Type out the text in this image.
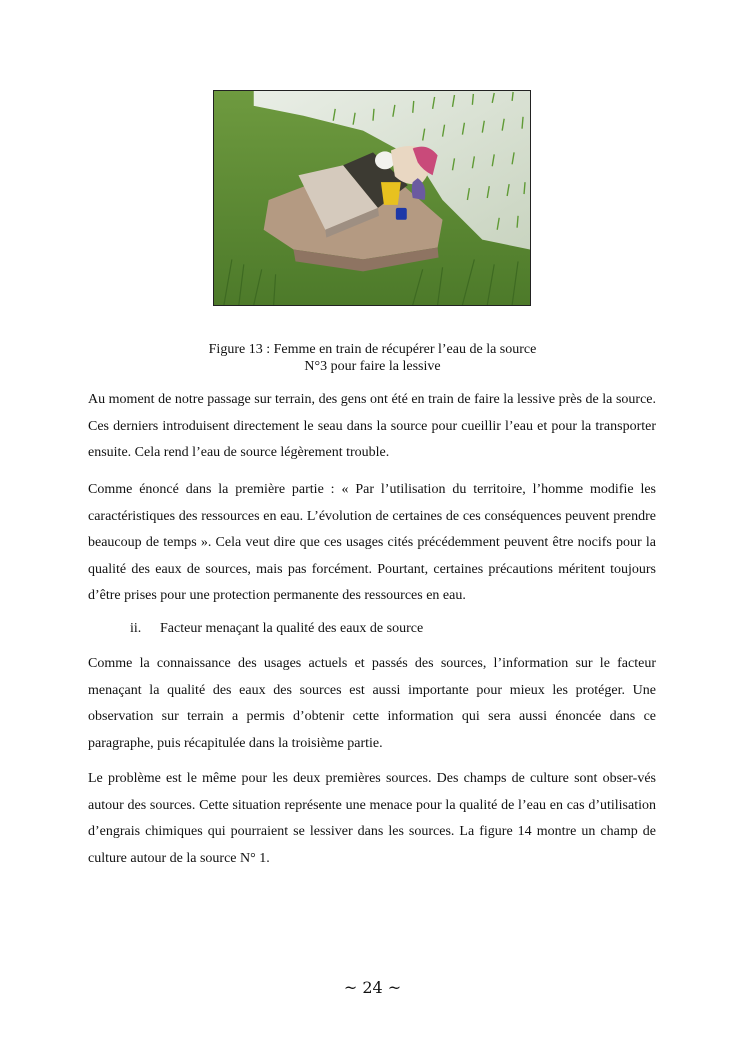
Figure 13 : Femme en train de récupérer l’eau de la source
N°3 pour faire la lessive

Au moment de notre passage sur terrain, des gens ont été en train de faire la lessive près de la source. Ces derniers introduisent directement le seau dans la source pour cueillir l’eau et pour la transporter ensuite. Cela rend l’eau de source légèrement trouble.

Comme énoncé dans la première partie : « Par l’utilisation du territoire, l’homme modifie les caractéristiques des ressources en eau. L’évolution de certaines de ces conséquences peuvent prendre beaucoup de temps ». Cela veut dire que ces usages cités précédemment peuvent être nocifs pour la qualité des eaux de sources, mais pas forcément. Pourtant, certaines précautions méritent toujours d’être prises pour une protection permanente des ressources en eau.

ii. Facteur menaçant la qualité des eaux de source

Comme la connaissance des usages actuels et passés des sources, l’information sur le facteur menaçant la qualité des eaux des sources est aussi importante pour mieux les protéger. Une observation sur terrain a permis d’obtenir cette information qui sera aussi énoncée dans ce paragraphe, puis récapitulée dans la troisième partie.

Le problème est le même pour les deux premières sources. Des champs de culture sont obser-vés autour des sources. Cette situation représente une menace pour la qualité de l’eau en cas d’utilisation d’engrais chimiques qui pourraient se lessiver dans les sources. La figure 14 montre un champ de culture autour de la source N° 1.

~ 24 ~
